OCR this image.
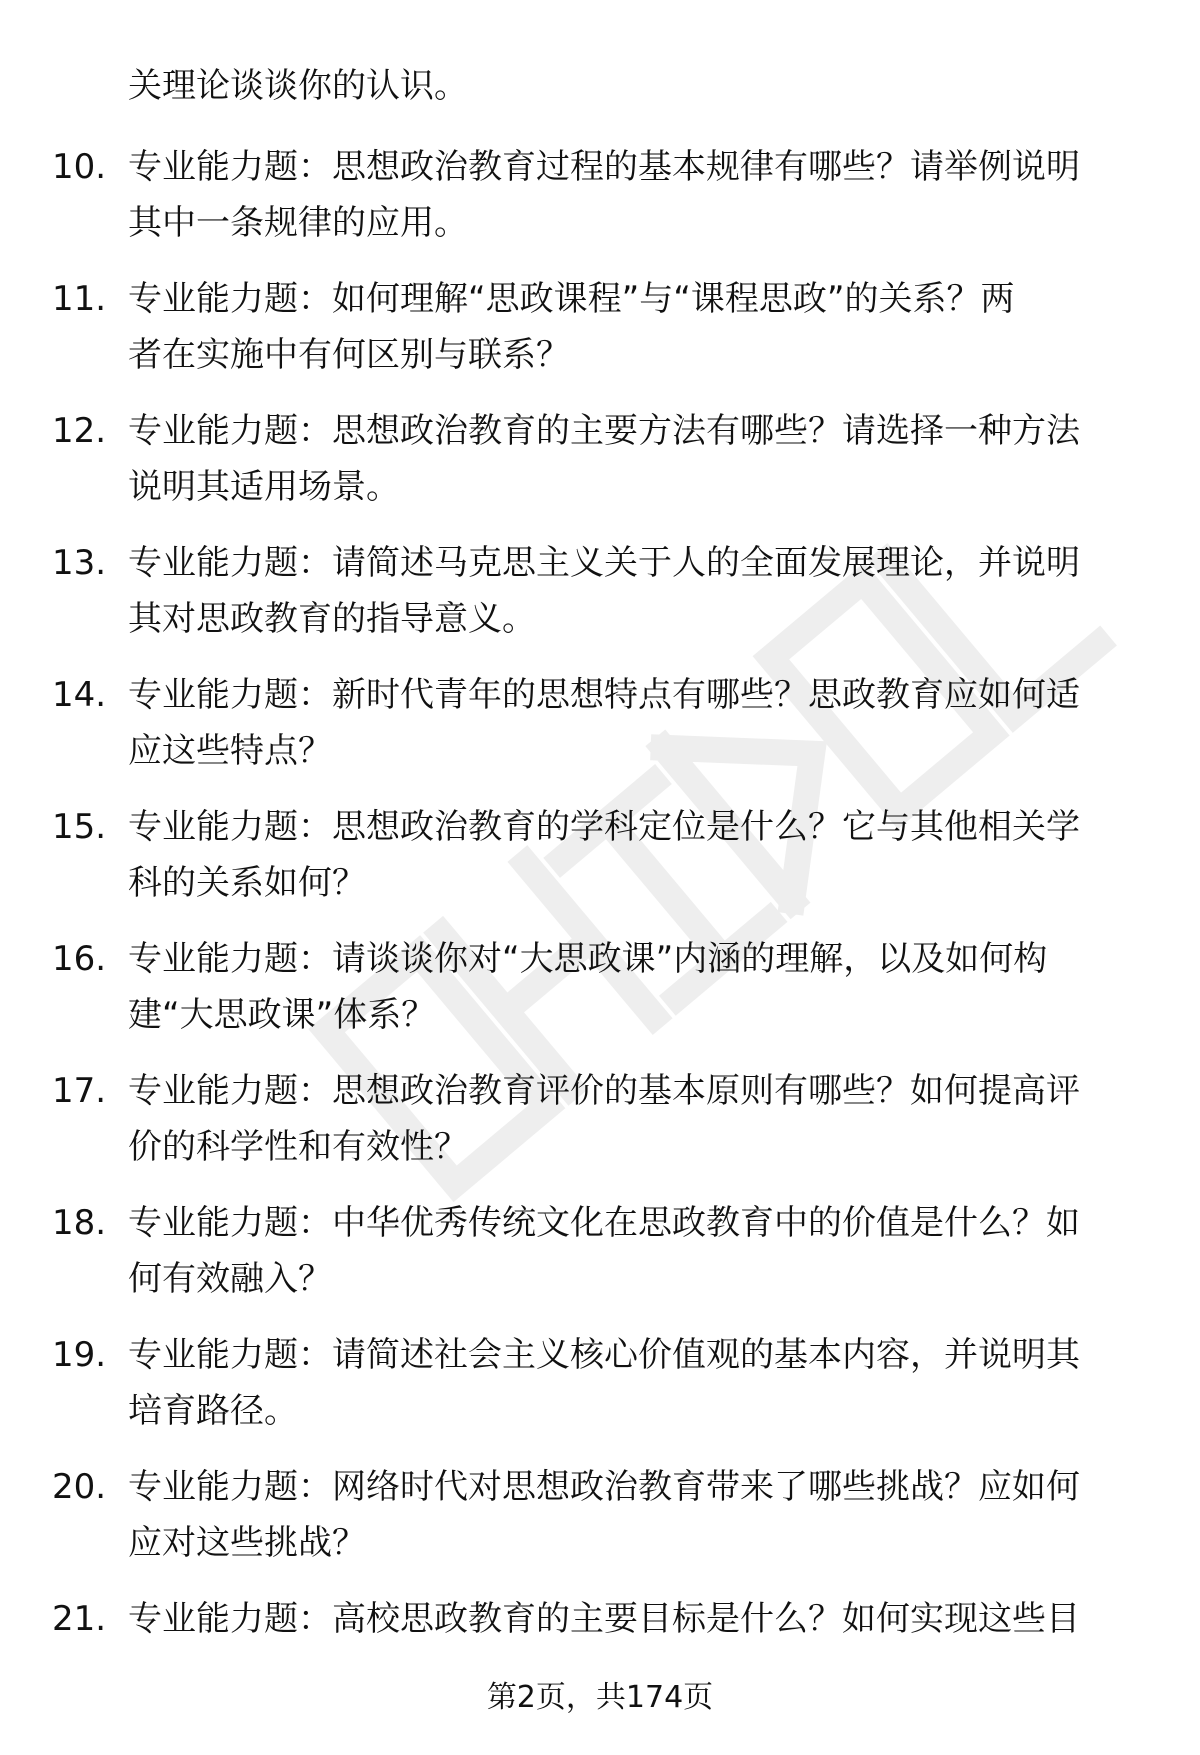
关理论谈谈你的认识。
10. 专业能力题：思想政治教育过程的基本规律有哪些？请举例说明
其中一条规律的应用。
11. 专业能力题：如何理解“思政课程”与“课程思政”的关系？两
者在实施中有何区别与联系？
12. 专业能力题：思想政治教育的主要方法有哪些？请选择一种方法
说明其适用场景。
13. 专业能力题：请简述马克思主义关于人的全面发展理论，并说明
其对思政教育的指导意义。
14. 专业能力题：新时代青年的思想特点有哪些？思政教育应如何适
应这些特点？
15. 专业能力题：思想政治教育的学科定位是什么？它与其他相关学
科的关系如何？
16. 专业能力题：请谈谈你对“大思政课”内涵的理解，以及如何构
建“大思政课”体系？
17. 专业能力题：思想政治教育评价的基本原则有哪些？如何提高评
价的科学性和有效性？
18. 专业能力题：中华优秀传统文化在思政教育中的价值是什么？如
何有效融入？
19. 专业能力题：请简述社会主义核心价值观的基本内容，并说明其
培育路径。
20. 专业能力题：网络时代对思想政治教育带来了哪些挑战？应如何
应对这些挑战？
21. 专业能力题：高校思政教育的主要目标是什么？如何实现这些目
第2页，共174页
